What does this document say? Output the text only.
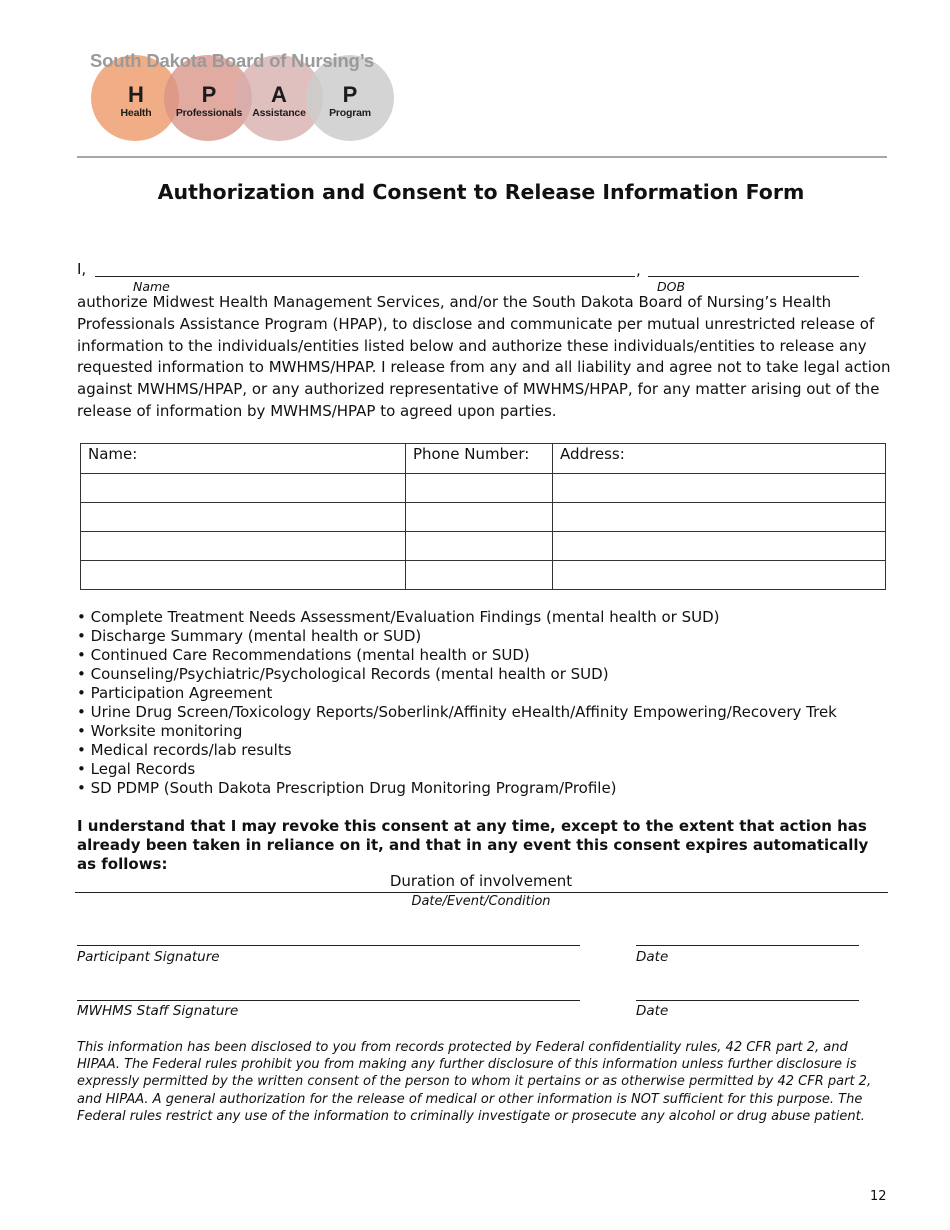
South Dakota Board of Nursing’s
H
Health
P
Professionals
A
Assistance
P
Program
Authorization and Consent to Release Information Form
I,	,
Name	DOB
authorize Midwest Health Management Services, and/or the South Dakota Board of Nursing’s Health Professionals Assistance Program (HPAP), to disclose and communicate per mutual unrestricted release of information to the individuals/entities listed below and authorize these individuals/entities to release any requested information to MWHMS/HPAP. I release from any and all liability and agree not to take legal action against MWHMS/HPAP, or any authorized representative of MWHMS/HPAP, for any matter arising out of the release of information by MWHMS/HPAP to agreed upon parties.
Name:	Phone Number:	Address:

• Complete Treatment Needs Assessment/Evaluation Findings (mental health or SUD)
• Discharge Summary (mental health or SUD)
• Continued Care Recommendations (mental health or SUD)
• Counseling/Psychiatric/Psychological Records (mental health or SUD)
• Participation Agreement
• Urine Drug Screen/Toxicology Reports/Soberlink/Affinity eHealth/Affinity Empowering/Recovery Trek
• Worksite monitoring
• Medical records/lab results
• Legal Records
• SD PDMP (South Dakota Prescription Drug Monitoring Program/Profile)
I understand that I may revoke this consent at any time, except to the extent that action has already been taken in reliance on it, and that in any event this consent expires automatically as follows:
Duration of involvement
Date/Event/Condition
Participant Signature	Date
MWHMS Staff Signature	Date
This information has been disclosed to you from records protected by Federal confidentiality rules, 42 CFR part 2, and HIPAA. The Federal rules prohibit you from making any further disclosure of this information unless further disclosure is expressly permitted by the written consent of the person to whom it pertains or as otherwise permitted by 42 CFR part 2, and HIPAA. A general authorization for the release of medical or other information is NOT sufficient for this purpose. The Federal rules restrict any use of the information to criminally investigate or prosecute any alcohol or drug abuse patient.
12
